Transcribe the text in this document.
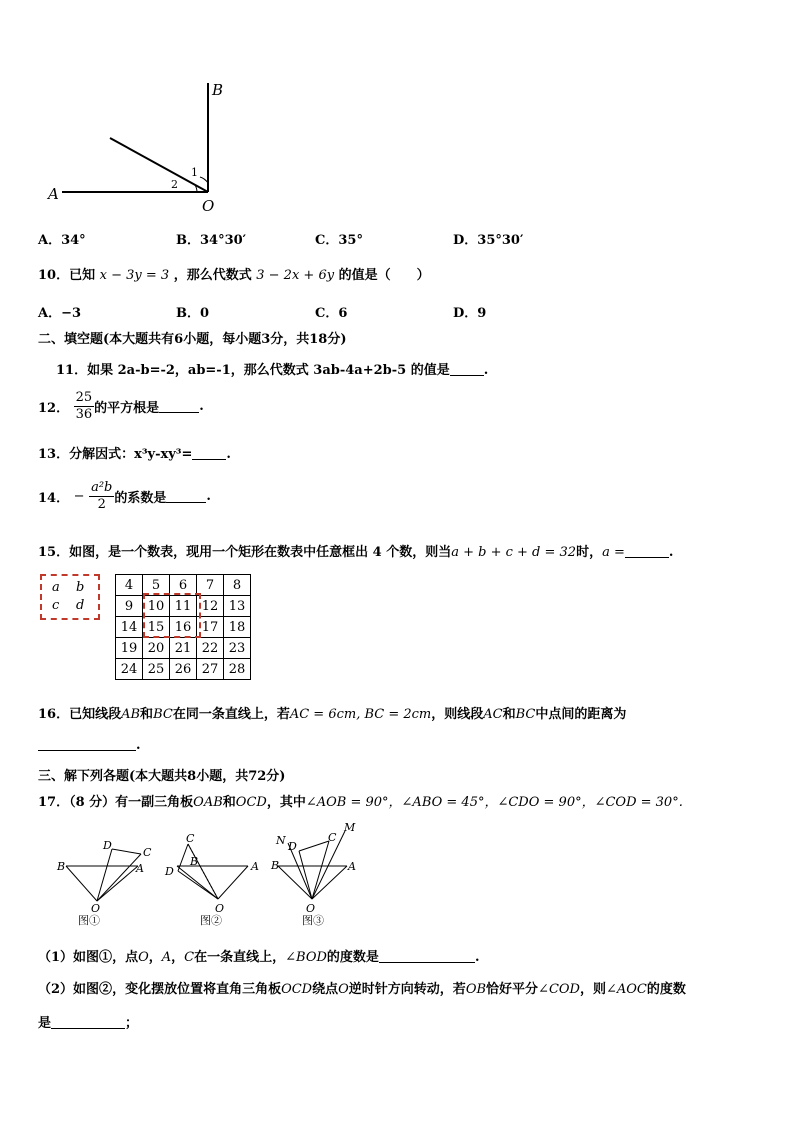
B
A
O
1
2
A．34°	B．34°30′	C．35°	D．35°30′
10．已知 x − 3y = 3 ，那么代数式 3 − 2x + 6y 的值是（　　）
A．−3	B．0	C．6	D．9
二、填空题(本大题共有6小题，每小题3分，共18分)
11．如果 2a-b=-2，ab=-1，那么代数式 3ab-4a+2b-5 的值是	.
12． $\frac{25}{36}$ 的平方根是	.
13．分解因式：x³y-xy³=	.
14． − $\frac{\text{a²b}}{2}$ 的系数是	.
15．如图，是一个数表，现用一个矩形在数表中任意框出 4 个数，则当a + b + c + d = 32时，a =	.
a b
c d
4	5	6	7	8
9	10	11	12	13
14	15	16	17	18
19	20	21	22	23
24	25	26	27	28
16．已知线段AB和BC在同一条直线上，若AC = 6cm, BC = 2cm，则线段AC和BC中点间的距离为
.
三、解下列各题(本大题共8小题，共72分)
17．（8 分）有一副三角板OAB和OCD，其中∠AOB = 90°，∠ABO = 45°，∠CDO = 90°，∠COD = 30°.
B
D
C
A
O
图①
C
B
D	A
O
图②
N D
C
M
B	A
O
图③
（1）如图①，点O，A，C在一条直线上，∠BOD的度数是	.
（2）如图②，变化摆放位置将直角三角板OCD绕点O逆时针方向转动，若OB恰好平分∠COD，则∠AOC的度数
是	；
